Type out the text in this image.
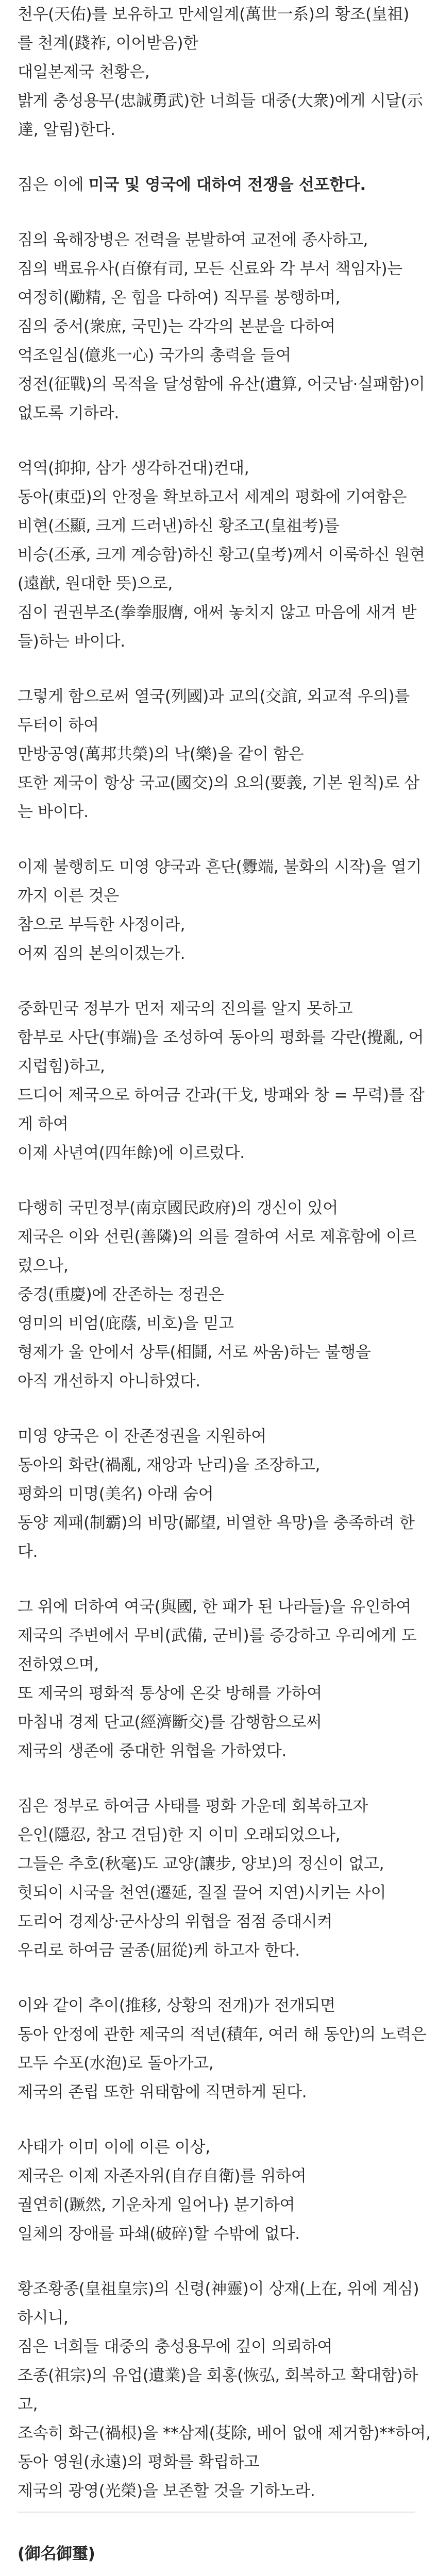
천우(天佑)를 보유하고 만세일계(萬世一系)의 황조(皇祖)
를 천계(踐祚, 이어받음)한
대일본제국 천황은,
밝게 충성용무(忠誠勇武)한 너희들 대중(大衆)에게 시달(示
達, 알림)한다.
짐은 이에 미국 및 영국에 대하여 전쟁을 선포한다.
짐의 육해장병은 전력을 분발하여 교전에 종사하고,
짐의 백료유사(百僚有司, 모든 신료와 각 부서 책임자)는
여정히(勵精, 온 힘을 다하여) 직무를 봉행하며,
짐의 중서(衆庶, 국민)는 각각의 본분을 다하여
억조일심(億兆一心) 국가의 총력을 들여
정전(征戰)의 목적을 달성함에 유산(遺算, 어긋남·실패함)이
없도록 기하라.
억역(抑抑, 삼가 생각하건대)컨대,
동아(東亞)의 안정을 확보하고서 세계의 평화에 기여함은
비현(丕顯, 크게 드러낸)하신 황조고(皇祖考)를
비승(丕承, 크게 계승함)하신 황고(皇考)께서 이룩하신 원현
(遠猷, 원대한 뜻)으로,
짐이 권권부조(拳拳服膺, 애써 놓치지 않고 마음에 새겨 받
들)하는 바이다.
그렇게 함으로써 열국(列國)과 교의(交誼, 외교적 우의)를
두터이 하여
만방공영(萬邦共榮)의 낙(樂)을 같이 함은
또한 제국이 항상 국교(國交)의 요의(要義, 기본 원칙)로 삼
는 바이다.
이제 불행히도 미영 양국과 흔단(釁端, 불화의 시작)을 열기
까지 이른 것은
참으로 부득한 사정이라,
어찌 짐의 본의이겠는가.
중화민국 정부가 먼저 제국의 진의를 알지 못하고
함부로 사단(事端)을 조성하여 동아의 평화를 각란(攪亂, 어
지럽힘)하고,
드디어 제국으로 하여금 간과(干戈, 방패와 창 = 무력)를 잡
게 하여
이제 사년여(四年餘)에 이르렀다.
다행히 국민정부(南京國民政府)의 갱신이 있어
제국은 이와 선린(善隣)의 의를 결하여 서로 제휴함에 이르
렀으나,
중경(重慶)에 잔존하는 정권은
영미의 비엄(庇蔭, 비호)을 믿고
형제가 울 안에서 상투(相鬪, 서로 싸움)하는 불행을
아직 개선하지 아니하였다.
미영 양국은 이 잔존정권을 지원하여
동아의 화란(禍亂, 재앙과 난리)을 조장하고,
평화의 미명(美名) 아래 숨어
동양 제패(制霸)의 비망(鄙望, 비열한 욕망)을 충족하려 한
다.
그 위에 더하여 여국(與國, 한 패가 된 나라들)을 유인하여
제국의 주변에서 무비(武備, 군비)를 증강하고 우리에게 도
전하였으며,
또 제국의 평화적 통상에 온갖 방해를 가하여
마침내 경제 단교(經濟斷交)를 감행함으로써
제국의 생존에 중대한 위협을 가하였다.
짐은 정부로 하여금 사태를 평화 가운데 회복하고자
은인(隱忍, 참고 견딤)한 지 이미 오래되었으나,
그들은 추호(秋毫)도 교양(讓步, 양보)의 정신이 없고,
헛되이 시국을 천연(遷延, 질질 끌어 지연)시키는 사이
도리어 경제상·군사상의 위협을 점점 증대시켜
우리로 하여금 굴종(屈從)케 하고자 한다.
이와 같이 추이(推移, 상황의 전개)가 전개되면
동아 안정에 관한 제국의 적년(積年, 여러 해 동안)의 노력은
모두 수포(水泡)로 돌아가고,
제국의 존립 또한 위태함에 직면하게 된다.
사태가 이미 이에 이른 이상,
제국은 이제 자존자위(自存自衛)를 위하여
궐연히(蹶然, 기운차게 일어나) 분기하여
일체의 장애를 파쇄(破碎)할 수밖에 없다.
황조황종(皇祖皇宗)의 신령(神靈)이 상재(上在, 위에 계심)
하시니,
짐은 너희들 대중의 충성용무에 깊이 의뢰하여
조종(祖宗)의 유업(遺業)을 회홍(恢弘, 회복하고 확대함)하
고,
조속히 화근(禍根)을 **삼제(芟除, 베어 없애 제거함)**하여,
동아 영원(永遠)의 평화를 확립하고
제국의 광영(光榮)을 보존할 것을 기하노라.
(御名御璽)
